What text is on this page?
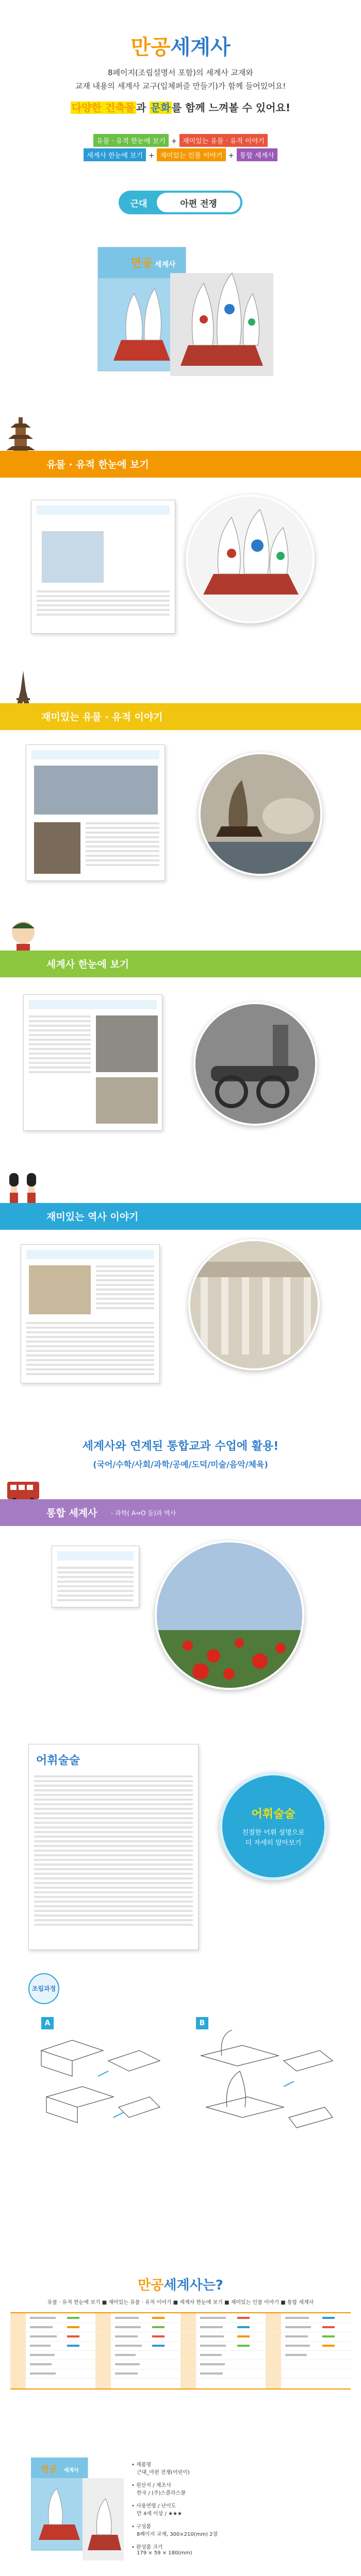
만공세계사
8페이지(조립설명서 포함)의 세계사 교재와
교재 내용의 세계사 교구(입체퍼즐 만들기)가 함께 들어있어요!
다양한 건축물 과 문화 를 함께 느껴볼 수 있어요!
유물 · 유적 한눈에 보기 + 재미있는 유물 · 유적 이야기
세계사 한눈에 보기 + 재미있는 인물 이야기 + 통합 세계사
근대	아편 전쟁
만공 세계사
유물 · 유적 한눈에 보기
재미있는 유물 · 유적 이야기
세계사 한눈에 보기
재미있는 역사 이야기
세계사와 연계된 통합교과 수업에 활용!
(국어/수학/사회/과학/공예/도덕/미술/음악/체육)
통합 세계사 - 과학( A⇒O 둘)과 역사
어휘술술
어휘술술
친절한 어휘 설명으로
더 자세히 알아보기
조립과정
A	B
만공세계사는?
유물 · 유적 한눈에 보기 ■ 재미있는 유물 · 유적 이야기 ■ 세계사 한눈에 보기 ■ 재미있는 인물 이야기 ■ 통합 세계사
만공 세계사
• 제품명
근대_아편 전쟁(어린이)
• 원산지 / 제조사
한국 / (주)스콜라스쿨
• 사용연령 / 난이도
만 4세 이상 / ★★★
• 구성품
8페이지 교재, 300×210(mm) 2장
• 완성품 크기
179 × 59 × 180(mm)
